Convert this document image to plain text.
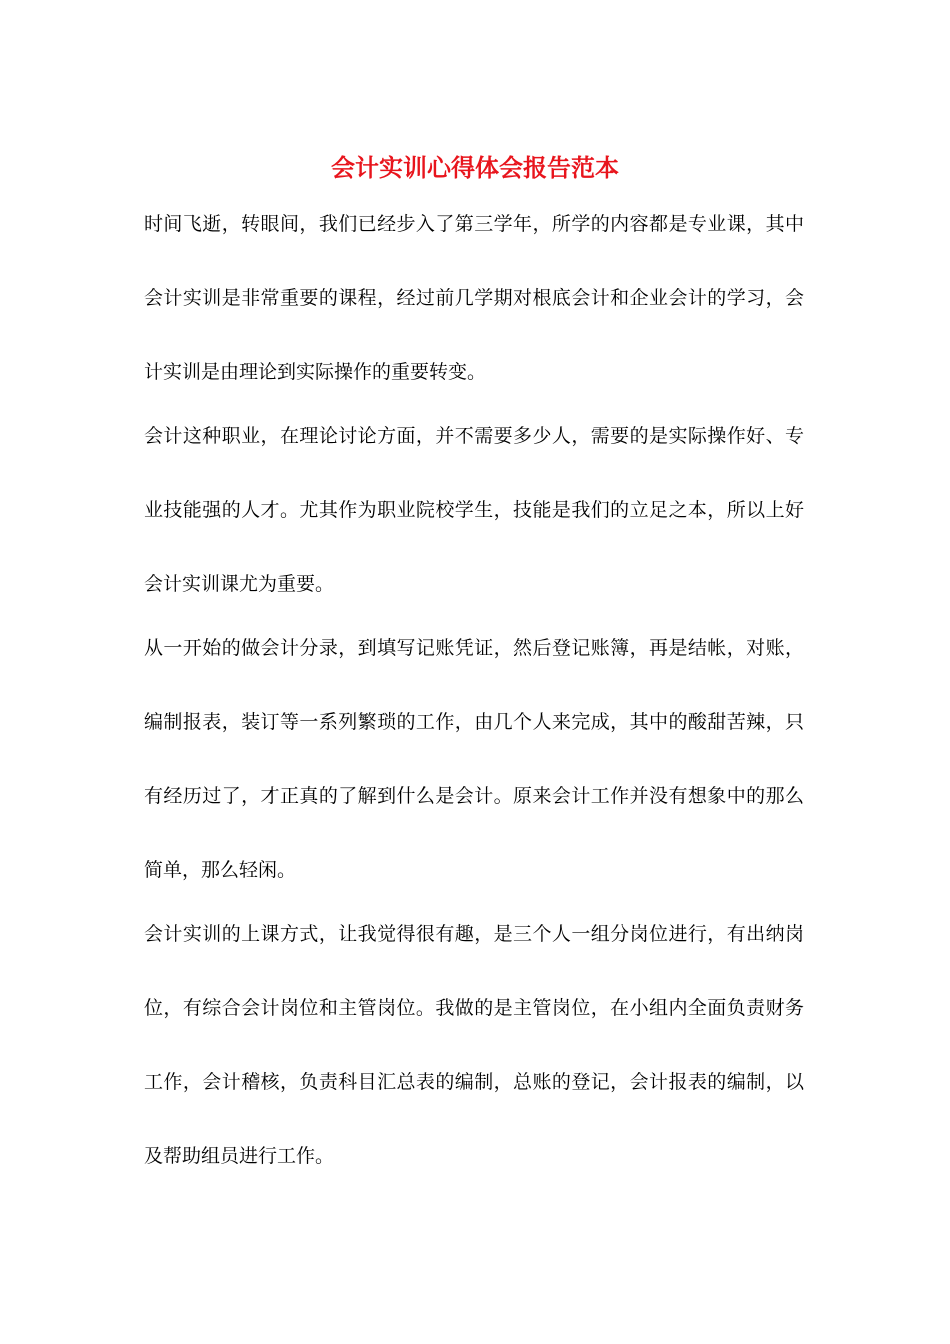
会计实训心得体会报告范本

时间飞逝，转眼间，我们已经步入了第三学年，所学的内容都是专业课，其中

会计实训是非常重要的课程，经过前几学期对根底会计和企业会计的学习，会

计实训是由理论到实际操作的重要转变。

会计这种职业，在理论讨论方面，并不需要多少人，需要的是实际操作好、专

业技能强的人才。尤其作为职业院校学生，技能是我们的立足之本，所以上好

会计实训课尤为重要。

从一开始的做会计分录，到填写记账凭证，然后登记账簿，再是结帐，对账，

编制报表，装订等一系列繁琐的工作，由几个人来完成，其中的酸甜苦辣，只

有经历过了，才正真的了解到什么是会计。原来会计工作并没有想象中的那么

简单，那么轻闲。

会计实训的上课方式，让我觉得很有趣，是三个人一组分岗位进行，有出纳岗

位，有综合会计岗位和主管岗位。我做的是主管岗位，在小组内全面负责财务

工作，会计稽核，负责科目汇总表的编制，总账的登记，会计报表的编制，以

及帮助组员进行工作。
